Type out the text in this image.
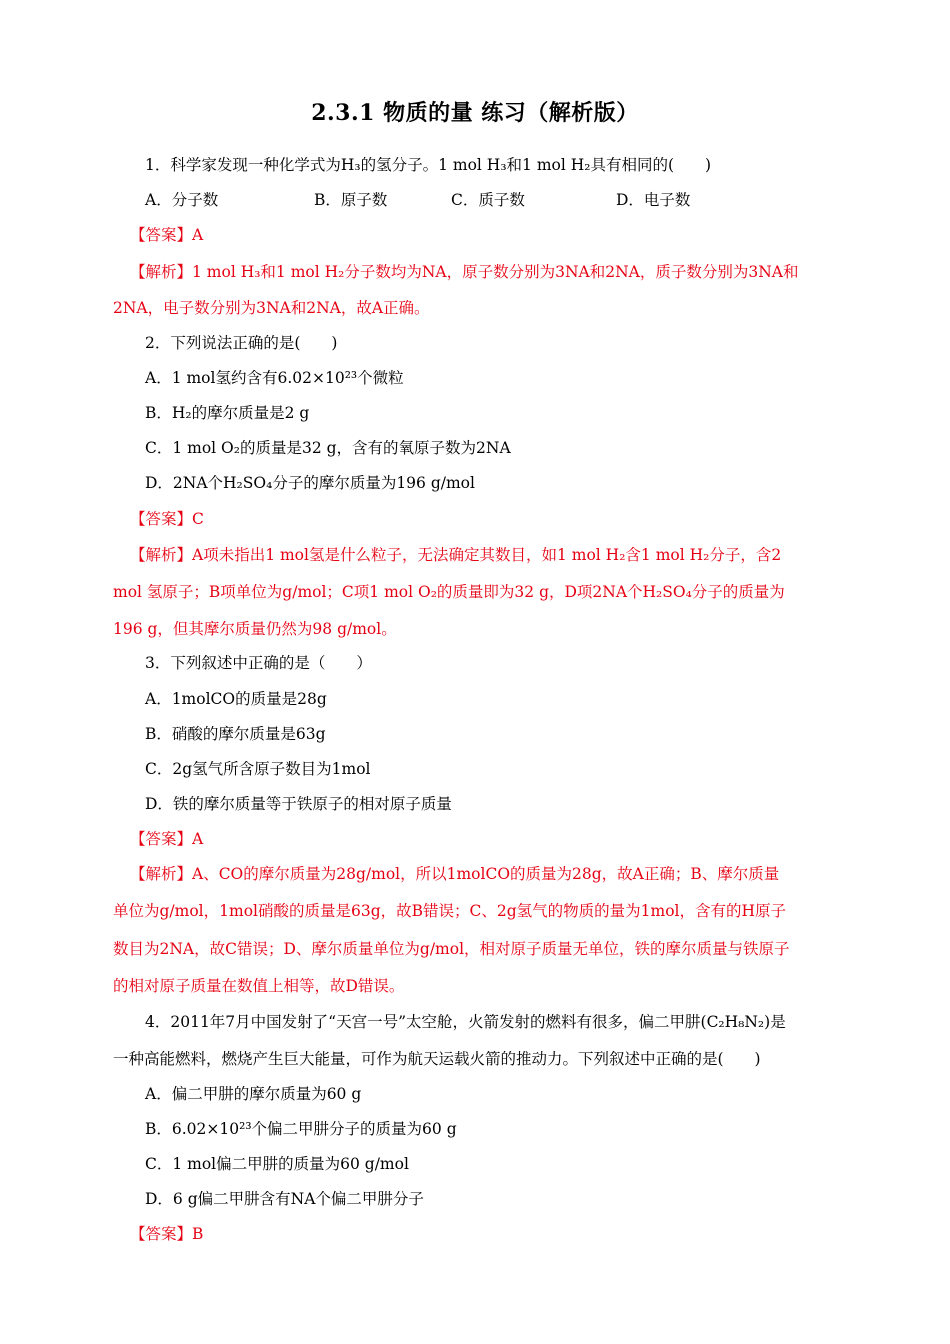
2.3.1 物质的量 练习（解析版）
1．科学家发现一种化学式为H₃的氢分子。1 mol H₃和1 mol H₂具有相同的(　　)
A．分子数	B．原子数	C．质子数	D．电子数
【答案】A
【解析】1 mol H₃和1 mol H₂分子数均为NA，原子数分别为3NA和2NA，质子数分别为3NA和
2NA，电子数分别为3NA和2NA，故A正确。
2．下列说法正确的是(　　)
A．1 mol氢约含有6.02×10²³个微粒
B．H₂的摩尔质量是2 g
C．1 mol O₂的质量是32 g，含有的氧原子数为2NA
D．2NA个H₂SO₄分子的摩尔质量为196 g/mol
【答案】C
【解析】A项未指出1 mol氢是什么粒子，无法确定其数目，如1 mol H₂含1 mol H₂分子，含2
mol 氢原子；B项单位为g/mol；C项1 mol O₂的质量即为32 g，D项2NA个H₂SO₄分子的质量为
196 g，但其摩尔质量仍然为98 g/mol。
3．下列叙述中正确的是（　　）
A．1molCO的质量是28g
B．硝酸的摩尔质量是63g
C．2g氢气所含原子数目为1mol
D．铁的摩尔质量等于铁原子的相对原子质量
【答案】A
【解析】A、CO的摩尔质量为28g/mol，所以1molCO的质量为28g，故A正确；B、摩尔质量
单位为g/mol，1mol硝酸的质量是63g，故B错误；C、2g氢气的物质的量为1mol，含有的H原子
数目为2NA，故C错误；D、摩尔质量单位为g/mol，相对原子质量无单位，铁的摩尔质量与铁原子
的相对原子质量在数值上相等，故D错误。
4．2011年7月中国发射了“天宫一号”太空舱，火箭发射的燃料有很多，偏二甲肼(C₂H₈N₂)是
一种高能燃料，燃烧产生巨大能量，可作为航天运载火箭的推动力。下列叙述中正确的是(　　)
A．偏二甲肼的摩尔质量为60 g
B．6.02×10²³个偏二甲肼分子的质量为60 g
C．1 mol偏二甲肼的质量为60 g/mol
D．6 g偏二甲肼含有NA个偏二甲肼分子
【答案】B
